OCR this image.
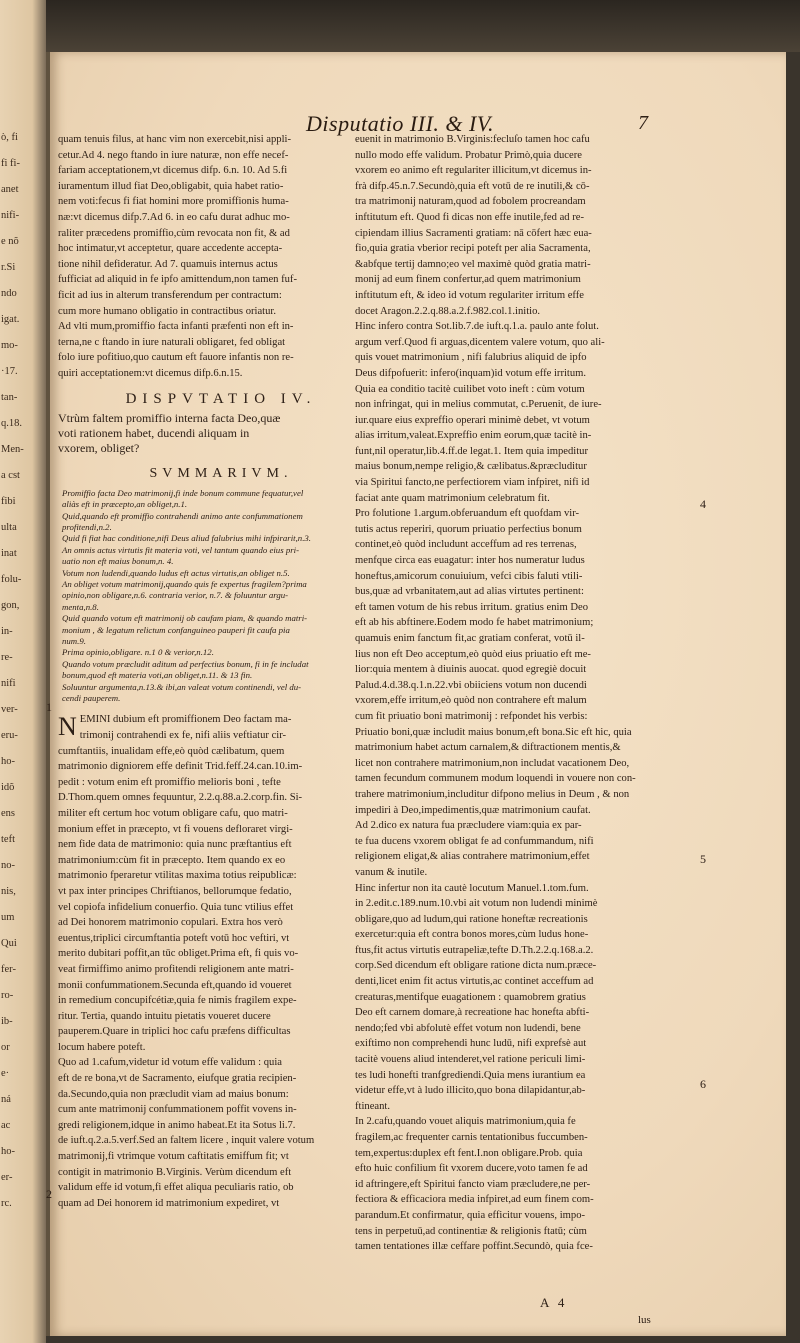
ò, fi
fi fi-
anet
nifi-
e nõ
r.Si
ndo
igat.
mo-
·17.
tan-
q.18.
Men-
a cst
fibi
ulta
inat
folu-
gon,
in-
re-
nifi
ver-
eru-
ho-
idõ
ens
teft
no-
nis,
um
Qui
fer-
ro-
ib-
or
e·
ná
ac
ho-
er-
rc.
Disputatio III. & IV.	7
quam tenuis filus, at hanc vim non exercebit,nisi appli-
cetur.Ad 4. nego ftando in iure naturæ, non effe necef-
fariam acceptationem,vt dicemus difp. 6.n. 10. Ad 5.fi
iuramentum illud fiat Deo,obligabit, quia habet ratio-
nem voti:fecus fi fiat homini more promiffionis huma-
næ:vt dicemus difp.7.Ad 6. in eo cafu durat adhuc mo-
raliter præcedens promiffio,cùm revocata non fit, & ad
hoc intimatur,vt acceptetur, quare accedente accepta-
tione nihil defideratur. Ad 7. quamuis internus actus
fufficiat ad aliquid in fe ipfo amittendum,non tamen fuf-
ficit ad ius in alterum transferendum per contractum:
cum more humano obligatio in contractibus oriatur.
Ad vlti mum,promiffio facta infanti præfenti non eft in-
terna,ne c ftando in iure naturali obligaret, fed obligat
folo iure pofitiuo,quo cautum eft fauore infantis non re-
quiri acceptationem:vt dicemus difp.6.n.15.
DISPVTATIO IV.
Vtrùm faltem promiffio interna facta Deo,quæ
voti rationem habet, ducendi aliquam in
vxorem, obliget?
SVMMARIVM.
Promiffio facta Deo matrimonij,fi inde bonum commune fequatur,vel
aliàs eft in præcepto,an obliget,n.1.
Quid,quando eft promiffio contrahendi animo ante confummationem
profitendi,n.2.
Quid fi fiat hac conditione,nifi Deus aliud falubrius mihi infpirarit,n.3.
An omnis actus virtutis fit materia voti, vel tantum quando eius pri-
uatio non eft maius bonum,n. 4.
Votum non ludendi,quando ludus eft actus virtutis,an obliget n.5.
An obliget votum matrimonij,quando quis fe expertus fragilem?prima
opinio,non obligare,n.6. contraria verior, n.7. & foluuntur argu-
menta,n.8.
Quid quando votum eft matrimonij ob caufam piam, & quando matri-
monium , & legatum relictum confanguineo pauperi fit caufa pia
num.9.
Prima opinio,obligare. n.1 0 & verior,n.12.
Quando votum præcludit aditum ad perfectius bonum, fi in fe includat
bonum,quod eft materia voti,an obliget,n.11. & 13 fin.
Soluuntur argumenta,n.13.& ibi,an valeat votum continendi, vel du-
cendi pauperem.
N EMINI dubium eft promiffionem Deo factam ma-
trimonij contrahendi ex fe, nifi aliis veftiatur cir-
cumftantiis, inualidam effe,eò quòd cælibatum, quem
matrimonio digniorem effe definit Trid.feff.24.can.10.im-
pedit : votum enim eft promiffio melioris boni , tefte
D.Thom.quem omnes fequuntur, 2.2.q.88.a.2.corp.fin. Si-
militer eft certum hoc votum obligare cafu, quo matri-
monium effet in præcepto, vt fi vouens defloraret virgi-
nem fide data de matrimonio: quia nunc præftantius eft
matrimonium:cùm fit in præcepto. Item quando ex eo
matrimonio fperaretur vtilitas maxima totius reipublicæ:
vt pax inter principes Chriftianos, bellorumque fedatio,
vel copiofa infidelium conuerfio. Quia tunc vtilius effet
ad Dei honorem matrimonio copulari. Extra hos verò
euentus,triplici circumftantia poteft votū hoc veftiri, vt
merito dubitari poffit,an tūc obliget.Prima eft, fi quis vo-
veat firmiffimo animo profitendi religionem ante matri-
monii confummationem.Secunda eft,quando id voueret
in remedium concupifcétiæ,quia fe nimis fragilem expe-
ritur. Tertia, quando intuitu pietatis voueret ducere
pauperem.Quare in triplici hoc cafu præfens difficultas
locum habere poteft.
Quo ad 1.cafum,videtur id votum effe validum : quia
eft de re bona,vt de Sacramento, eiufque gratia recipien-
da.Secundo,quia non præcludit viam ad maius bonum:
cum ante matrimonij confummationem poffit vovens in-
gredi religionem,idque in animo habeat.Et ita Sotus li.7.
de iuft.q.2.a.5.verf.Sed an faltem licere , inquit valere votum
matrimonij,fi vtrimque votum caftitatis emiffum fit; vt
contigit in matrimonio B.Virginis. Verùm dicendum eft
validum effe id votum,fi effet aliqua peculiaris ratio, ob
quam ad Dei honorem id matrimonium expediret, vt
euenit in matrimonio B.Virginis:fecluſo tamen hoc cafu
nullo modo effe validum. Probatur Primò,quia ducere
vxorem eo animo eft regulariter illicitum,vt dicemus in-
frà difp.45.n.7.Secundò,quia eft votū de re inutili,& cō-
tra matrimonij naturam,quod ad fobolem procreandam
inftitutum eft. Quod fi dicas non effe inutile,fed ad re-
cipiendam illius Sacramenti gratiam: nā cōfert hæc eua-
fio,quia gratia vberior recipi poteft per alia Sacramenta,
&abfque tertij damno;eo vel maximè quòd gratia matri-
monij ad eum finem confertur,ad quem matrimonium
inftitutum eft, & ideo id votum regulariter irritum effe
docet Aragon.2.2.q.88.a.2.f.982.col.1.initio.
Hinc infero contra Sot.lib.7.de iuft.q.1.a. paulo ante folut.
argum verf.Quod fi arguas,dicentem valere votum, quo ali-
quis vouet matrimonium , nifi falubrius aliquid de ipfo
Deus difpofuerit: infero(inquam)id votum effe irritum.
Quia ea conditio tacitè cuilibet voto ineft : cùm votum
non infringat, qui in melius commutat, c.Peruenit, de iure-
iur.quare eius expreffio operari minimè debet, vt votum
alias irritum,valeat.Expreffio enim eorum,quæ tacitè in-
funt,nil operatur,lib.4.ff.de legat.1. Item quia impeditur
maius bonum,nempe religio,& cælibatus.&præcluditur
via Spiritui fancto,ne perfectiorem viam infpiret, nifi id
faciat ante quam matrimonium celebratum fit.
Pro folutione 1.argum.obferuandum eft quofdam vir-
tutis actus reperiri, quorum priuatio perfectius bonum
continet,eò quòd includunt acceffum ad res terrenas,
menfque circa eas euagatur: inter hos numeratur ludus
honeftus,amicorum conuiuium, vefci cibis faluti vtili-
bus,quæ ad vrbanitatem,aut ad alias virtutes pertinent:
eft tamen votum de his rebus irritum. gratius enim Deo
eft ab his abftinere.Eodem modo fe habet matrimonium;
quamuis enim fanctum fit,ac gratiam conferat, votū il-
lius non eft Deo acceptum,eò quòd eius priuatio eft me-
lior:quia mentem à diuinis auocat. quod egregiè docuit
Palud.4.d.38.q.1.n.22.vbi obiiciens votum non ducendi
vxorem,effe irritum,eò quòd non contrahere eft malum
cum fit priuatio boni matrimonij : refpondet his verbis:
Priuatio boni,quæ includit maius bonum,eft bona.Sic eft hic, quia
matrimonium habet actum carnalem,& diftractionem mentis,&
licet non contrahere matrimonium,non includat vacationem Deo,
tamen fecundum communem modum loquendi in vouere non con-
trahere matrimonium,includitur difpono melius in Deum , & non
impediri à Deo,impedimentis,quæ matrimonium caufat.
Ad 2.dico ex natura fua præcludere viam:quia ex par-
te fua ducens vxorem obligat fe ad confummandum, nifi
religionem eligat,& alias contrahere matrimonium,effet
vanum & inutile.
Hinc infertur non ita cautè locutum Manuel.1.tom.fum.
in 2.edit.c.189.num.10.vbi ait votum non ludendi minimè
obligare,quo ad ludum,qui ratione honeftæ recreationis
exercetur:quia eft contra bonos mores,cùm ludus hone-
ftus,fit actus virtutis eutrapeliæ,tefte D.Th.2.2.q.168.a.2.
corp.Sed dicendum eft obligare ratione dicta num.præce-
denti,licet enim fit actus virtutis,ac continet acceffum ad
creaturas,mentifque euagationem : quamobrem gratius
Deo eft carnem domare,à recreatione hac honefta abfti-
nendo;fed vbi abfolutè effet votum non ludendi, bene
exiftimo non comprehendi hunc ludū, nifi exprefsè aut
tacitè vouens aliud intenderet,vel ratione periculi limi-
tes ludi honefti tranfgrediendi.Quia mens iurantium ea
videtur effe,vt à ludo illicito,quo bona dilapidantur,ab-
ftineant.
In 2.cafu,quando vouet aliquis matrimonium,quia fe
fragilem,ac frequenter carnis tentationibus fuccumben-
tem,expertus:duplex eft fent.I.non obligare.Prob. quia
efto huic confilium fit vxorem ducere,voto tamen fe ad
id aftringere,eft Spiritui fancto viam præcludere,ne per-
fectiora & efficaciora media infpiret,ad eum finem com-
parandum.Et confirmatur, quia efficitur vouens, impo-
tens in perpetuū,ad continentiæ & religionis ftatū; cùm
tamen tentationes illæ ceffare poffint.Secundò, quia fce-
1
4
5
6
2
A 4
lus
